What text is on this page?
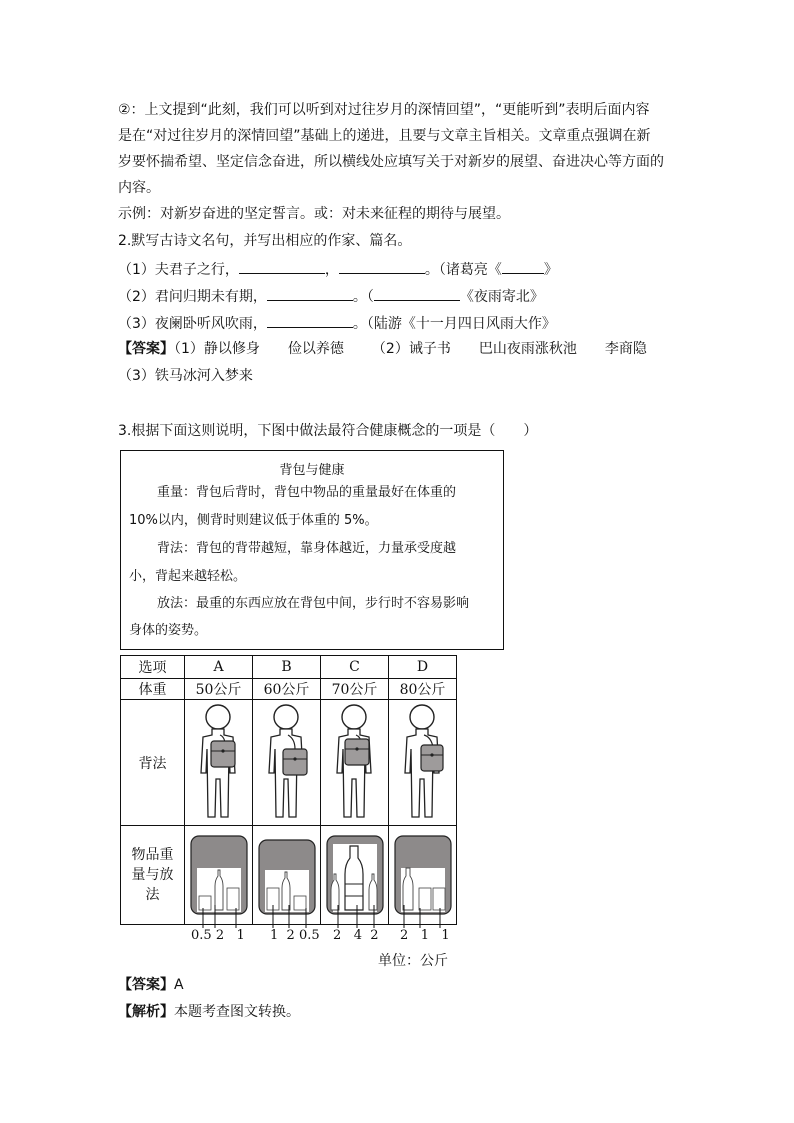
②：上文提到“此刻，我们可以听到对过往岁月的深情回望”，“更能听到”表明后面内容
是在“对过往岁月的深情回望”基础上的递进，且要与文章主旨相关。文章重点强调在新
岁要怀揣希望、坚定信念奋进，所以横线处应填写关于对新岁的展望、奋进决心等方面的
内容。
示例：对新岁奋进的坚定誓言。或：对未来征程的期待与展望。
2.默写古诗文名句，并写出相应的作家、篇名。
（1）夫君子之行，	，	。（诸葛亮《	》
（2）君问归期未有期，	。（	《夜雨寄北》
（3）夜阑卧听风吹雨，	。（陆游《十一月四日风雨大作》
【答案】（1）静以修身 俭以养德 （2）诫子书 巴山夜雨涨秋池 李商隐
（3）铁马冰河入梦来
3.根据下面这则说明，下图中做法最符合健康概念的一项是（　　）
背包与健康
重量：背包后背时，背包中物品的重量最好在体重的
10%以内，侧背时则建议低于体重的 5%。
背法：背包的背带越短，靠身体越近，力量承受度越
小，背起来越轻松。
放法：最重的东西应放在背包中间，步行时不容易影响
身体的姿势。
选项	A	B	C	D
体重	50公斤	60公斤	70公斤	80公斤
背法				
物品重量与放法	

0.5 2 1 1 2 0.5 2 4 2 2 1 1
单位：公斤
【答案】A
【解析】本题考查图文转换。
